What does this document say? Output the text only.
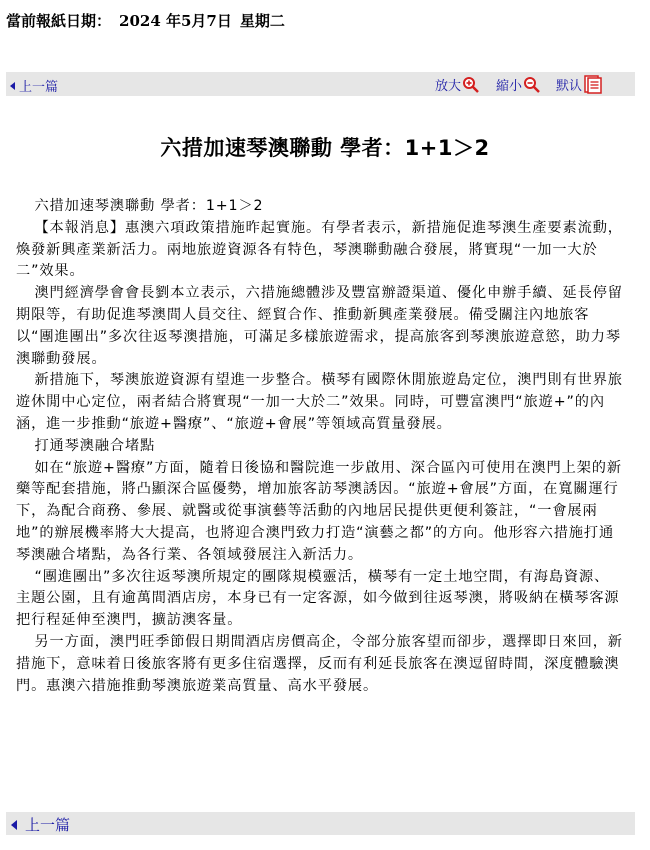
當前報紙日期： 2024 年5月7日 星期二
上一篇	放大	縮小	默认
六措加速琴澳聯動 學者：1+1＞2

六措加速琴澳聯動 學者：1+1＞2

【本報消息】惠澳六項政策措施昨起實施。有學者表示，新措施促進琴澳生產要素流動，煥發新興產業新活力。兩地旅遊資源各有特色，琴澳聯動融合發展，將實現“一加一大於二”效果。

澳門經濟學會會長劉本立表示，六措施總體涉及豐富辦證渠道、優化申辦手續、延長停留期限等，有助促進琴澳間人員交往、經貿合作、推動新興產業發展。備受關注內地旅客以“團進團出”多次往返琴澳措施，可滿足多樣旅遊需求，提高旅客到琴澳旅遊意慾，助力琴澳聯動發展。

新措施下，琴澳旅遊資源有望進一步整合。橫琴有國際休閒旅遊島定位，澳門則有世界旅遊休閒中心定位，兩者結合將實現“一加一大於二”效果。同時，可豐富澳門“旅遊+”的內涵，進一步推動“旅遊+醫療”、“旅遊+會展”等領域高質量發展。

打通琴澳融合堵點

如在“旅遊+醫療”方面，隨着日後協和醫院進一步啟用、深合區內可使用在澳門上架的新藥等配套措施，將凸顯深合區優勢，增加旅客訪琴澳誘因。“旅遊+會展”方面，在寬關運行下，為配合商務、參展、就醫或從事演藝等活動的內地居民提供更便利簽註，“一會展兩地”的辦展機率將大大提高，也將迎合澳門致力打造“演藝之都”的方向。他形容六措施打通琴澳融合堵點，為各行業、各領域發展注入新活力。

“團進團出”多次往返琴澳所規定的團隊規模靈活，橫琴有一定土地空間，有海島資源、主題公園，且有逾萬間酒店房，本身已有一定客源，如今做到往返琴澳，將吸納在橫琴客源把行程延伸至澳門，擴訪澳客量。

另一方面，澳門旺季節假日期間酒店房價高企，令部分旅客望而卻步，選擇即日來回，新措施下，意味着日後旅客將有更多住宿選擇，反而有利延長旅客在澳逗留時間，深度體驗澳門。惠澳六措施推動琴澳旅遊業高質量、高水平發展。

上一篇
